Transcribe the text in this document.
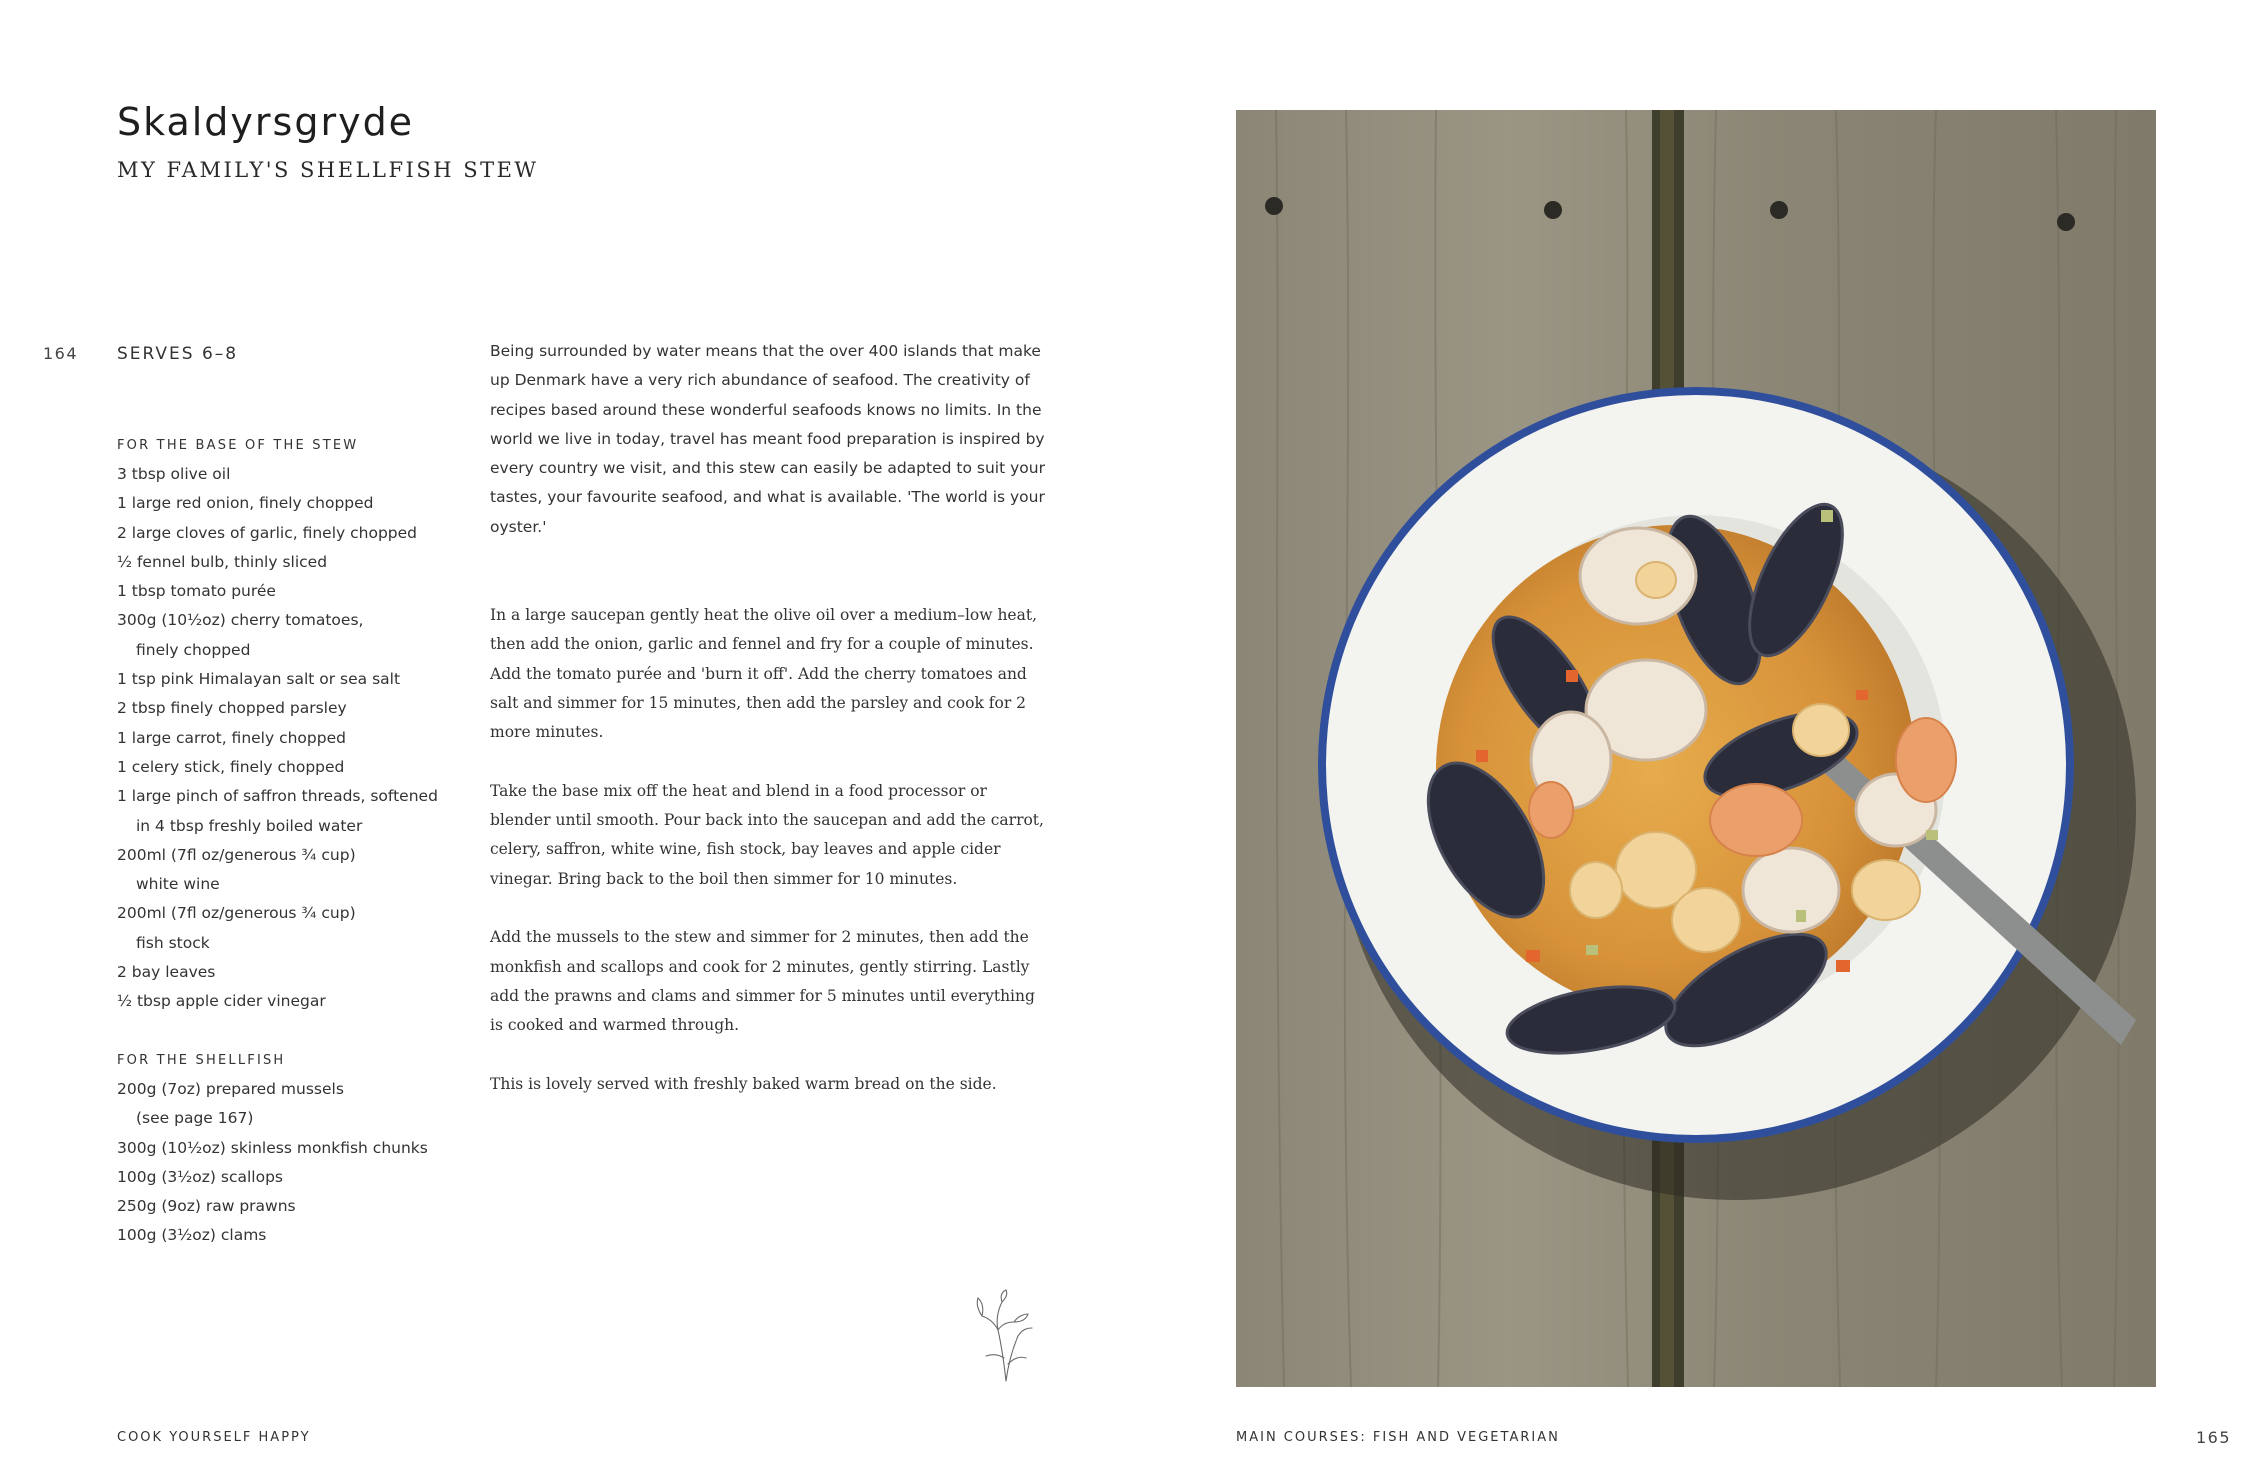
Skaldyrsgryde
MY FAMILY'S SHELLFISH STEW
164 SERVES 6–8
FOR THE BASE OF THE STEW
3 tbsp olive oil
1 large red onion, finely chopped
2 large cloves of garlic, finely chopped
½ fennel bulb, thinly sliced
1 tbsp tomato purée
300g (10½oz) cherry tomatoes,
finely chopped
1 tsp pink Himalayan salt or sea salt
2 tbsp finely chopped parsley
1 large carrot, finely chopped
1 celery stick, finely chopped
1 large pinch of saffron threads, softened
in 4 tbsp freshly boiled water
200ml (7fl oz/generous ¾ cup)
white wine
200ml (7fl oz/generous ¾ cup)
fish stock
2 bay leaves
½ tbsp apple cider vinegar
FOR THE SHELLFISH
200g (7oz) prepared mussels
(see page 167)
300g (10½oz) skinless monkfish chunks
100g (3½oz) scallops
250g (9oz) raw prawns
100g (3½oz) clams

Being surrounded by water means that the over 400 islands that make up Denmark have a very rich abundance of seafood. The creativity of recipes based around these wonderful seafoods knows no limits. In the world we live in today, travel has meant food preparation is inspired by every country we visit, and this stew can easily be adapted to suit your tastes, your favourite seafood, and what is available. 'The world is your oyster.'

In a large saucepan gently heat the olive oil over a medium–low heat, then add the onion, garlic and fennel and fry for a couple of minutes. Add the tomato purée and 'burn it off'. Add the cherry tomatoes and salt and simmer for 15 minutes, then add the parsley and cook for 2 more minutes.

Take the base mix off the heat and blend in a food processor or blender until smooth. Pour back into the saucepan and add the carrot, celery, saffron, white wine, fish stock, bay leaves and apple cider vinegar. Bring back to the boil then simmer for 10 minutes.

Add the mussels to the stew and simmer for 2 minutes, then add the monkfish and scallops and cook for 2 minutes, gently stirring. Lastly add the prawns and clams and simmer for 5 minutes until everything is cooked and warmed through.

This is lovely served with freshly baked warm bread on the side.

COOK YOURSELF HAPPY	MAIN COURSES: FISH AND VEGETARIAN	165
